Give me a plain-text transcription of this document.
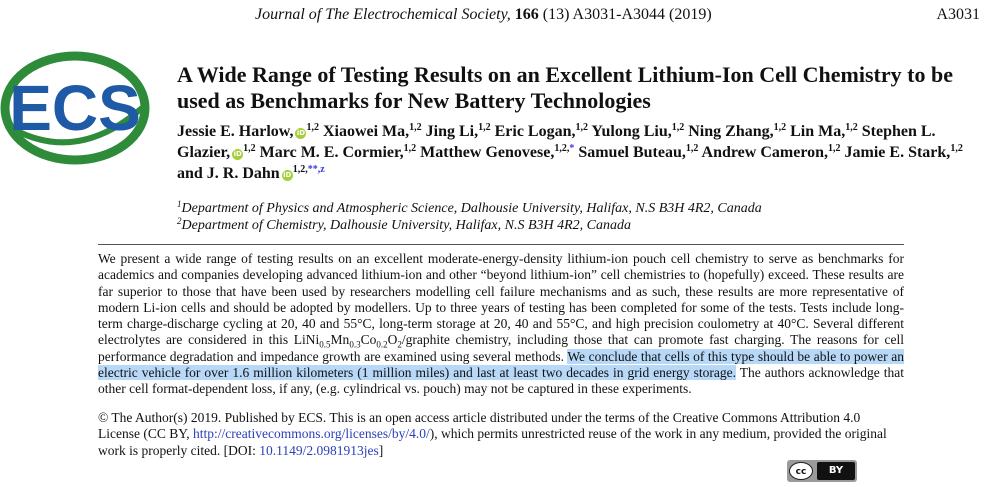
Journal of The Electrochemical Society, 166 (13) A3031-A3044 (2019)	A3031
ECS A Wide Range of Testing Results on an Excellent Lithium-Ion Cell Chemistry to be used as Benchmarks for New Battery Technologies
Jessie E. Harlow, iD$^{1,2}$ Xiaowei Ma,$^{1,2}$ Jing Li,$^{1,2}$ Eric Logan,$^{1,2}$ Yulong Liu,$^{1,2}$ Ning Zhang,$^{1,2}$ Lin Ma,$^{1,2}$ Stephen L. Glazier, iD$^{1,2}$ Marc M. E. Cormier,$^{1,2}$ Matthew Genovese,$^{1,2,*}$ Samuel Buteau,$^{1,2}$ Andrew Cameron,$^{1,2}$ Jamie E. Stark,$^{1,2}$ and J. R. Dahn $iD^{1,2,**,z}$
$^1$Department of Physics and Atmospheric Science, Dalhousie University, Halifax, N.S B3H 4R2, Canada
$^2$Department of Chemistry, Dalhousie University, Halifax, N.S B3H 4R2, Canada

We present a wide range of testing results on an excellent moderate-energy-density lithium-ion pouch cell chemistry to serve as benchmarks for academics and companies developing advanced lithium-ion and other “beyond lithium-ion” cell chemistries to (hopefully) exceed. These results are far superior to those that have been used by researchers modelling cell failure mechanisms and as such, these results are more representative of modern Li-ion cells and should be adopted by modellers. Up to three years of testing has been completed for some of the tests. Tests include long-term charge-discharge cycling at 20, 40 and 55°C, long-term storage at 20, 40 and 55°C, and high precision coulometry at 40°C. Several different electrolytes are considered in this $LiNi_{0.5}Mn_{0.3}Co_{0.2}O_2$/graphite chemistry, including those that can promote fast charging. The reasons for cell performance degradation and impedance growth are examined using several methods. We conclude that cells of this type should be able to power an electric vehicle for over 1.6 million kilometers (1 million miles) and last at least two decades in grid energy storage. The authors acknowledge that other cell format-dependent loss, if any, (e.g. cylindrical vs. pouch) may not be captured in these experiments.

© The Author(s) 2019. Published by ECS. This is an open access article distributed under the terms of the Creative Commons Attribution 4.0 License (CC BY, http://creativecommons.org/licenses/by/4.0/), which permits unrestricted reuse of the work in any medium, provided the original work is properly cited. [DOI: 10.1149/2.0981913jes]

cc	BY
